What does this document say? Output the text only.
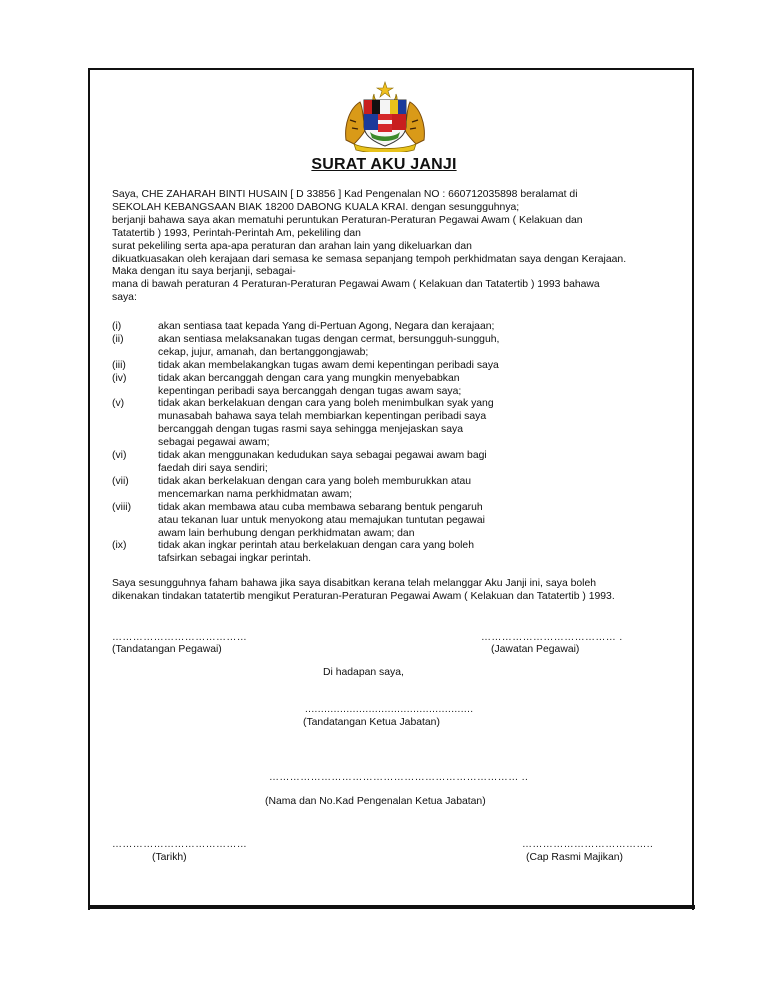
SURAT AKU JANJI
Saya, CHE ZAHARAH BINTI HUSAIN [ D 33856 ] Kad Pengenalan NO : 660712035898 beralamat di
SEKOLAH KEBANGSAAN BIAK 18200 DABONG KUALA KRAI. dengan sesungguhnya;
berjanji bahawa saya akan mematuhi peruntukan Peraturan-Peraturan Pegawai Awam ( Kelakuan dan
Tatatertib ) 1993, Perintah-Perintah Am, pekeliling dan
surat pekeliling serta apa-apa peraturan dan arahan lain yang dikeluarkan dan
dikuatkuasakan oleh kerajaan dari semasa ke semasa sepanjang tempoh perkhidmatan saya dengan Kerajaan.
Maka dengan itu saya berjanji, sebagai-
mana di bawah peraturan 4 Peraturan-Peraturan Pegawai Awam ( Kelakuan dan Tatatertib ) 1993 bahawa
saya:
(i)	akan sentiasa taat kepada Yang di-Pertuan Agong, Negara dan kerajaan;
(ii)	akan sentiasa melaksanakan tugas dengan cermat, bersungguh-sungguh,
cekap, jujur, amanah, dan bertanggongjawab;
(iii)	tidak akan membelakangkan tugas awam demi kepentingan peribadi saya
(iv)	tidak akan bercanggah dengan cara yang mungkin menyebabkan
kepentingan peribadi saya bercanggah dengan tugas awam saya;
(v)	tidak akan berkelakuan dengan cara yang boleh menimbulkan syak yang
munasabah bahawa saya telah membiarkan kepentingan peribadi saya
bercanggah dengan tugas rasmi saya sehingga menjejaskan saya
sebagai pegawai awam;
(vi)	tidak akan menggunakan kedudukan saya sebagai pegawai awam bagi
faedah diri saya sendiri;
(vii)	tidak akan berkelakuan dengan cara yang boleh memburukkan atau
mencemarkan nama perkhidmatan awam;
(viii)	tidak akan membawa atau cuba membawa sebarang bentuk pengaruh
atau tekanan luar untuk menyokong atau memajukan tuntutan pegawai
awam lain berhubung dengan perkhidmatan awam; dan
(ix)	tidak akan ingkar perintah atau berkelakuan dengan cara yang boleh
tafsirkan sebagai ingkar perintah.
Saya sesungguhnya faham bahawa jika saya disabitkan kerana telah melanggar Aku Janji ini, saya boleh
dikenakan tindakan tatatertib mengikut Peraturan-Peraturan Pegawai Awam ( Kelakuan dan Tatatertib ) 1993.
…………………………………
(Tandatangan Pegawai)
………………………………… .
(Jawatan Pegawai)
Di hadapan saya,
.....................................................
(Tandatangan Ketua Jabatan)
……………………………………………………………… ..
(Nama dan No.Kad Pengenalan Ketua Jabatan)
…………………………………
(Tarikh)
………………………………..
(Cap Rasmi Majikan)
